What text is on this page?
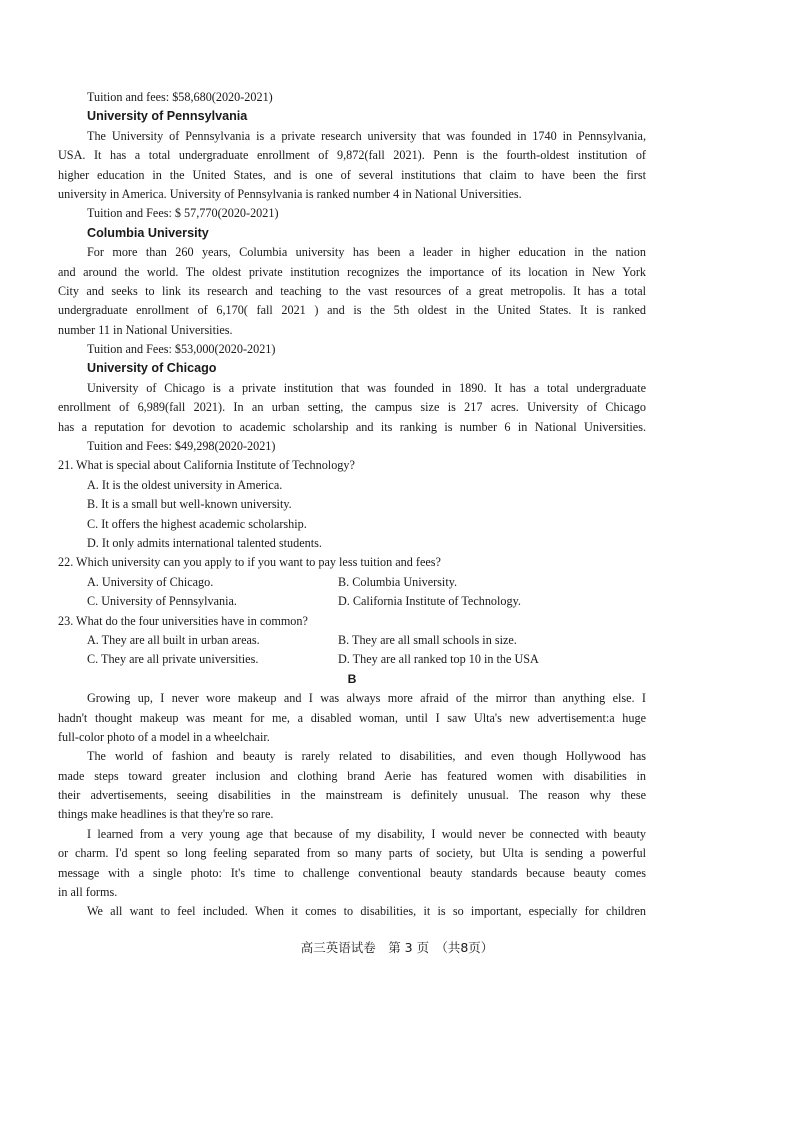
Tuition and fees: $58,680(2020-2021)
University of Pennsylvania
The University of Pennsylvania is a private research university that was founded in 1740 in Pennsylvania,
USA. It has a total undergraduate enrollment of 9,872(fall 2021). Penn is the fourth-oldest institution of
higher education in the United States, and is one of several institutions that claim to have been the first
university in America. University of Pennsylvania is ranked number 4 in National Universities.
Tuition and Fees: $ 57,770(2020-2021)
Columbia University
For more than 260 years, Columbia university has been a leader in higher education in the nation
and around the world. The oldest private institution recognizes the importance of its location in New York
City and seeks to link its research and teaching to the vast resources of a great metropolis. It has a total
undergraduate enrollment of 6,170( fall 2021 ) and is the 5th oldest in the United States. It is ranked
number 11 in National Universities.
Tuition and Fees: $53,000(2020-2021)
University of Chicago
University of Chicago is a private institution that was founded in 1890. It has a total undergraduate
enrollment of 6,989(fall 2021). In an urban setting, the campus size is 217 acres. University of Chicago
has a reputation for devotion to academic scholarship and its ranking is number 6 in National Universities.
Tuition and Fees: $49,298(2020-2021)
21. What is special about California Institute of Technology?
A. It is the oldest university in America.
B. It is a small but well-known university.
C. It offers the highest academic scholarship.
D. It only admits international talented students.
22. Which university can you apply to if you want to pay less tuition and fees?
A. University of Chicago.	B. Columbia University.
C. University of Pennsylvania.	D. California Institute of Technology.
23. What do the four universities have in common?
A. They are all built in urban areas.	B. They are all small schools in size.
C. They are all private universities.	D. They are all ranked top 10 in the USA
B
Growing up, I never wore makeup and I was always more afraid of the mirror than anything else. I
hadn't thought makeup was meant for me, a disabled woman, until I saw Ulta's new advertisement:a huge
full-color photo of a model in a wheelchair.
The world of fashion and beauty is rarely related to disabilities, and even though Hollywood has
made steps toward greater inclusion and clothing brand Aerie has featured women with disabilities in
their advertisements, seeing disabilities in the mainstream is definitely unusual. The reason why these
things make headlines is that they're so rare.
I learned from a very young age that because of my disability, I would never be connected with beauty
or charm. I'd spent so long feeling separated from so many parts of society, but Ulta is sending a powerful
message with a single photo: It's time to challenge conventional beauty standards because beauty comes
in all forms.
We all want to feel included. When it comes to disabilities, it is so important, especially for children
高三英语试卷　第 3 页　（共8页）
